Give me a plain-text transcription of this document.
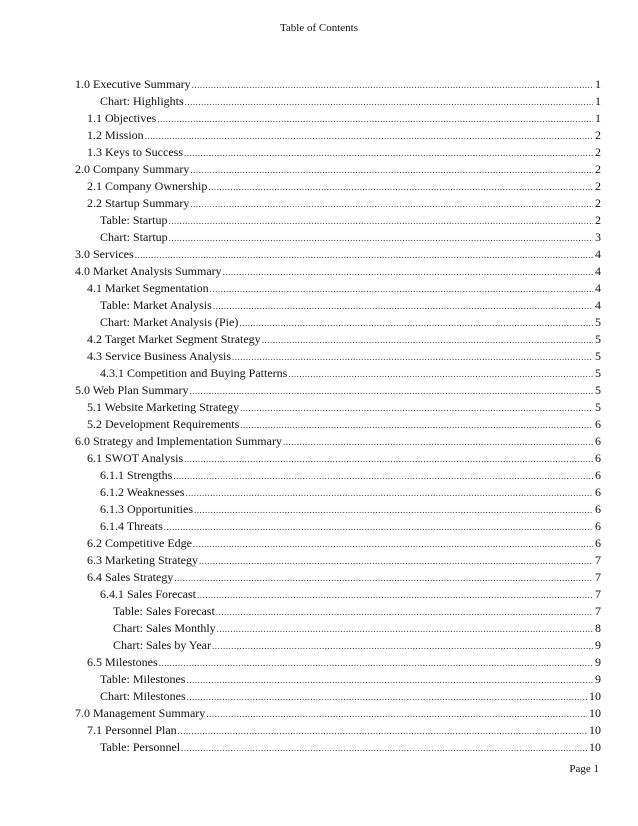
Table of Contents
1.0 Executive Summary .....	1
Chart: Highlights .....	1
1.1 Objectives .....	1
1.2 Mission .....	2
1.3 Keys to Success .....	2
2.0 Company Summary .....	2
2.1 Company Ownership .....	2
2.2 Startup Summary .....	2
Table: Startup .....	2
Chart: Startup .....	3
3.0 Services .....	4
4.0 Market Analysis Summary .....	4
4.1 Market Segmentation .....	4
Table: Market Analysis .....	4
Chart: Market Analysis (Pie) .....	5
4.2 Target Market Segment Strategy .....	5
4.3 Service Business Analysis .....	5
4.3.1 Competition and Buying Patterns .....	5
5.0 Web Plan Summary .....	5
5.1 Website Marketing Strategy .....	5
5.2 Development Requirements .....	6
6.0 Strategy and Implementation Summary .....	6
6.1 SWOT Analysis .....	6
6.1.1 Strengths .....	6
6.1.2 Weaknesses .....	6
6.1.3 Opportunities .....	6
6.1.4 Threats .....	6
6.2 Competitive Edge .....	6
6.3 Marketing Strategy .....	7
6.4 Sales Strategy .....	7
6.4.1 Sales Forecast .....	7
Table: Sales Forecast .....	7
Chart: Sales Monthly .....	8
Chart: Sales by Year .....	9
6.5 Milestones .....	9
Table: Milestones .....	9
Chart: Milestones .....	10
7.0 Management Summary .....	10
7.1 Personnel Plan .....	10
Table: Personnel .....	10
Page 1
